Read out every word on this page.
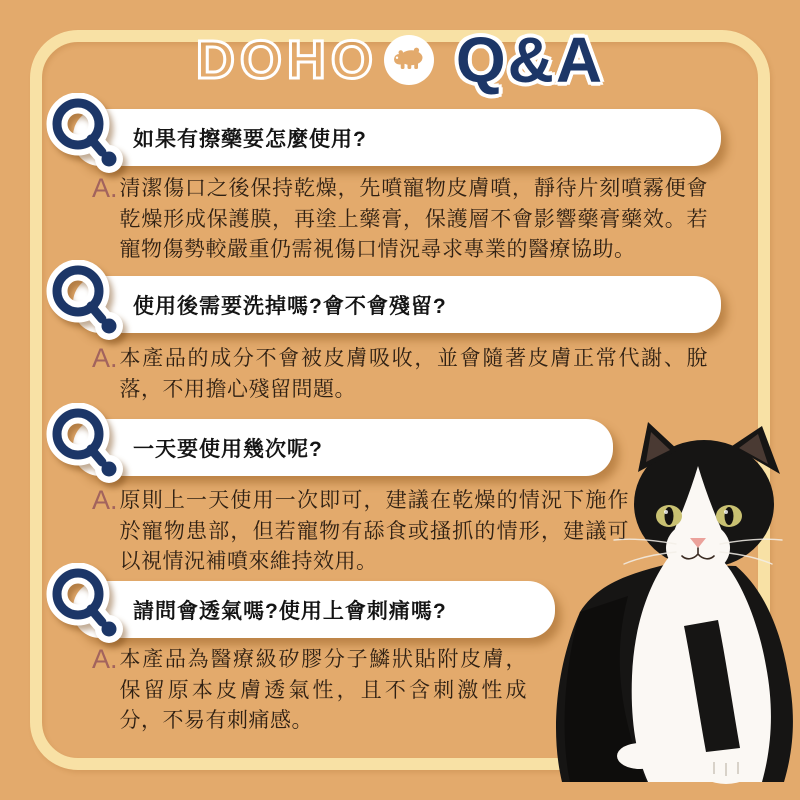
DOHO Q&A
如果有擦藥要怎麼使用?
A. 清潔傷口之後保持乾燥，先噴寵物皮膚噴，靜待片刻噴霧便會乾燥形成保護膜，再塗上藥膏，保護層不會影響藥膏藥效。若寵物傷勢較嚴重仍需視傷口情況尋求專業的醫療協助。

使用後需要洗掉嗎?會不會殘留?
A. 本產品的成分不會被皮膚吸收，並會隨著皮膚正常代謝、脫落，不用擔心殘留問題。

一天要使用幾次呢?
A. 原則上一天使用一次即可，建議在乾燥的情況下施作於寵物患部，但若寵物有舔食或搔抓的情形，建議可以視情況補噴來維持效用。

請問會透氣嗎?使用上會刺痛嗎?
A. 本產品為醫療級矽膠分子鱗狀貼附皮膚，保留原本皮膚透氣性，且不含刺激性成分，不易有刺痛感。
